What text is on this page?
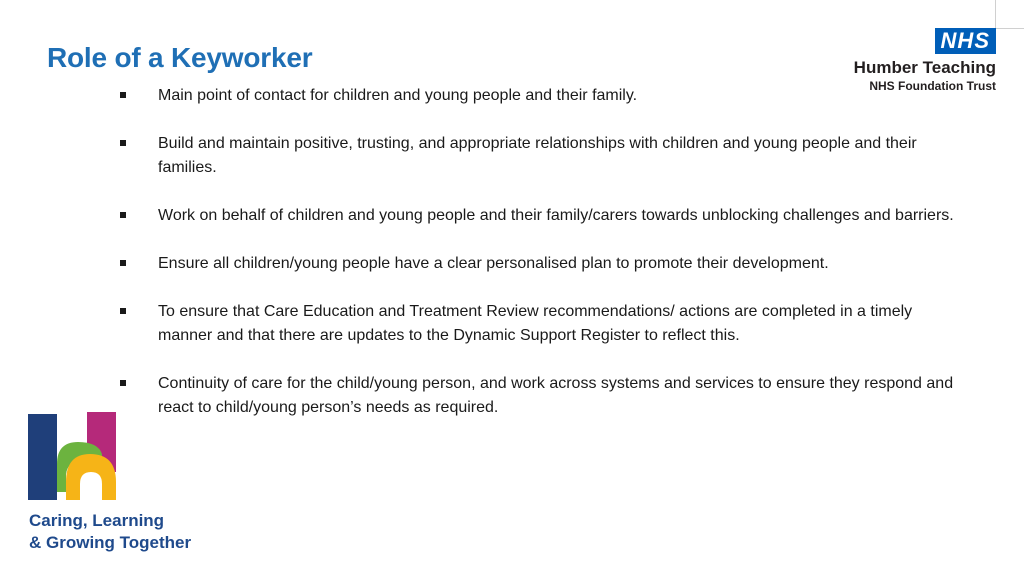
Role of a Keyworker
Main point of contact for children and young people and their family.
Build and maintain positive, trusting, and appropriate relationships with children and young people and their families.
Work on behalf of children and young people and their family/carers towards unblocking challenges and barriers.
Ensure all children/young people have a clear personalised plan to promote their development.
To ensure that Care Education and Treatment Review recommendations/ actions are completed in a timely manner and that there are updates to the Dynamic Support Register to reflect this.
Continuity of care for the child/young person, and work across systems and services to ensure they respond and react to child/young person’s needs as required.
NHS
Humber Teaching
NHS Foundation Trust

Caring, Learning
& Growing Together
